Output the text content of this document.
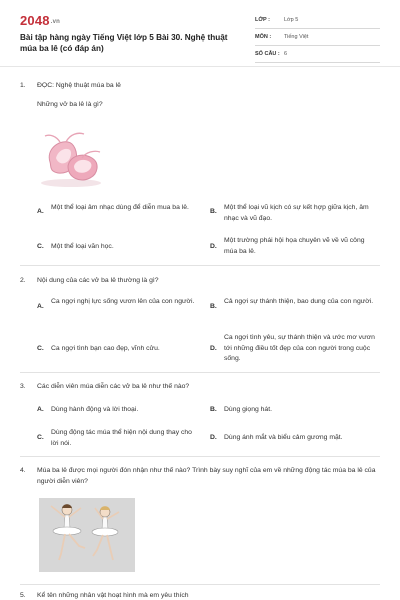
2048.vn
Bài tập hàng ngày Tiếng Việt lớp 5 Bài 30. Nghệ thuật múa ba lê (có đáp án)
LỚP :	Lớp 5
MÔN : Tiếng Việt
SỐ CÂU : 6
1. ĐỌC: Nghệ thuật múa ba lê
Những vở ba lê là gì?
A.
Một thể loại âm nhạc dùng để diễn mua ba lê.
B.
Một thể loại vũ kịch có sự kết hợp giữa kịch, âm nhạc và vũ đạo.
C. Một thể loại văn học.	D.
Một trường phái hội họa chuyên vẽ về vũ công múa ba lê.
2. Nội dung của các vở ba lê thường là gì?
A.
Ca ngợi nghị lực sống vươn lên của con người.
B.
Cả ngợi sự thánh thiện, bao dung của con người.
C. Ca ngợi tình bạn cao đẹp, vĩnh cửu.	D.
Ca ngợi tình yêu, sự thánh thiện và ước mơ vươn tới những điều tốt đẹp của con người trong cuộc sống.
3. Các diễn viên múa diễn các vở ba lê như thế nào?
A. Dùng hành động và lời thoại.	B. Dùng giọng hát.
C.
Dùng động tác múa thể hiện nội dung thay cho lời nói.
D. Dùng ánh mắt và biểu cảm gương mặt.
4.	Múa ba lê được mọi người đón nhận như thế nào? Trình bày suy nghĩ của em về những động tác múa ba lê của người diễn viên?
5. Kể tên những nhân vật hoạt hình mà em yêu thích
